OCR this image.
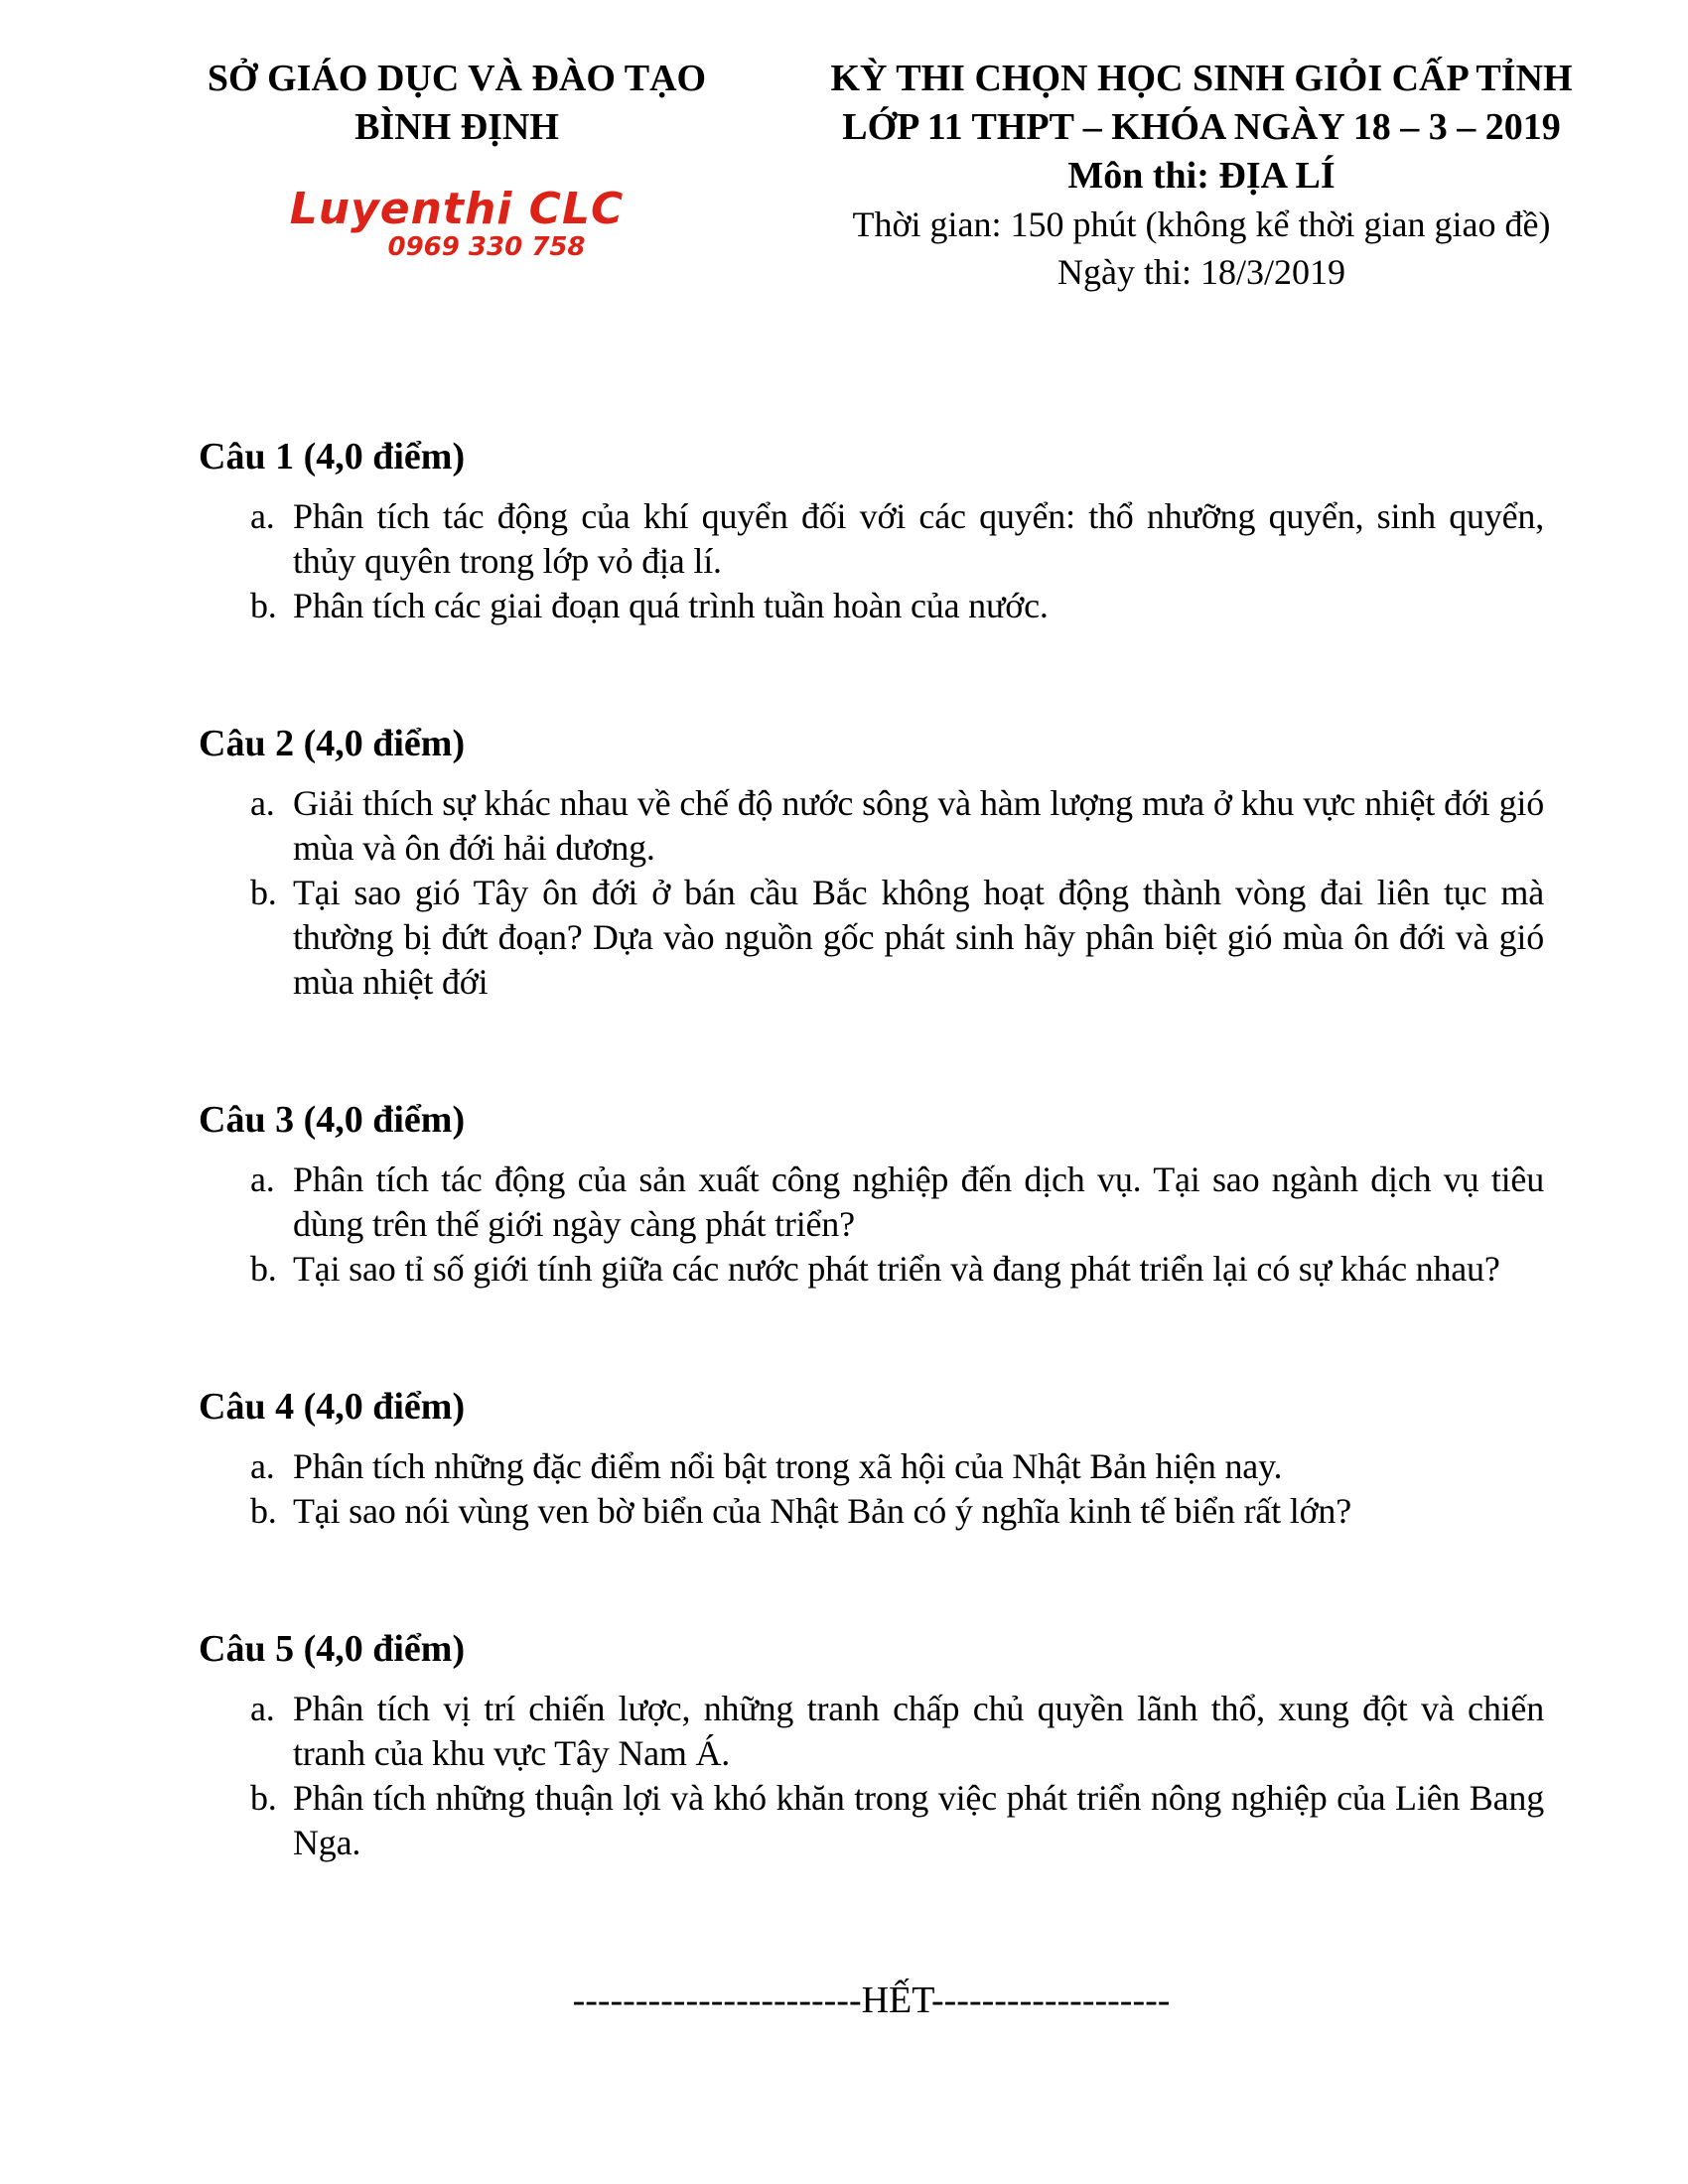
SỞ GIÁO DỤC VÀ ĐÀO TẠO
BÌNH ĐỊNH
Luyenthi CLC
0969 330 758
KỲ THI CHỌN HỌC SINH GIỎI CẤP TỈNH
LỚP 11 THPT – KHÓA NGÀY 18 – 3 – 2019
Môn thi: ĐỊA LÍ
Thời gian: 150 phút (không kể thời gian giao đề)
Ngày thi: 18/3/2019
Câu 1 (4,0 điểm)
a. Phân tích tác động của khí quyển đối với các quyển: thổ nhưỡng quyển, sinh quyển, thủy quyên trong lớp vỏ địa lí.

b. Phân tích các giai đoạn quá trình tuần hoàn của nước.

Câu 2 (4,0 điểm)
a. Giải thích sự khác nhau về chế độ nước sông và hàm lượng mưa ở khu vực nhiệt đới gió mùa và ôn đới hải dương.

b. Tại sao gió Tây ôn đới ở bán cầu Bắc không hoạt động thành vòng đai liên tục mà thường bị đứt đoạn? Dựa vào nguồn gốc phát sinh hãy phân biệt gió mùa ôn đới và gió mùa nhiệt đới

Câu 3 (4,0 điểm)
a. Phân tích tác động của sản xuất công nghiệp đến dịch vụ. Tại sao ngành dịch vụ tiêu dùng trên thế giới ngày càng phát triển?

b. Tại sao tỉ số giới tính giữa các nước phát triển và đang phát triển lại có sự khác nhau?

Câu 4 (4,0 điểm)
a. Phân tích những đặc điểm nổi bật trong xã hội của Nhật Bản hiện nay.

b. Tại sao nói vùng ven bờ biển của Nhật Bản có ý nghĩa kinh tế biển rất lớn?

Câu 5 (4,0 điểm)
a. Phân tích vị trí chiến lược, những tranh chấp chủ quyền lãnh thổ, xung đột và chiến tranh của khu vực Tây Nam Á.

b. Phân tích những thuận lợi và khó khăn trong việc phát triển nông nghiệp của Liên Bang Nga.

-----------------------HẾT-------------------
